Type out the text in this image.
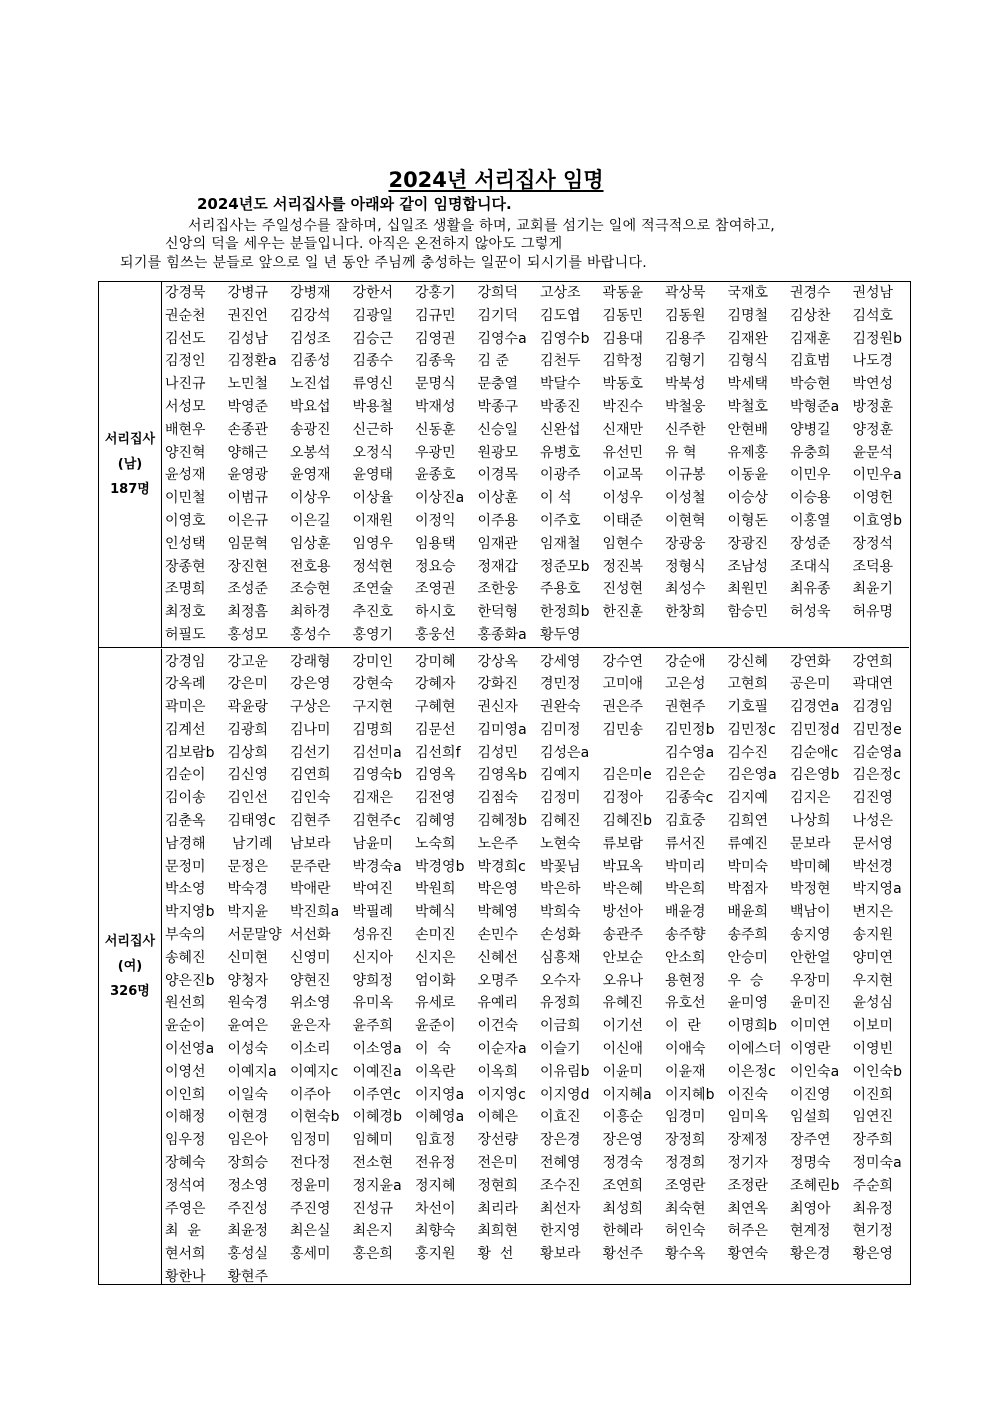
2024년 서리집사 임명
2024년도 서리집사를 아래와 같이 임명합니다.
서리집사는 주일성수를 잘하며, 십일조 생활을 하며, 교회를 섬기는 일에 적극적으로 참여하고,
신앙의 덕을 세우는 분들입니다. 아직은 온전하지 않아도 그렇게
되기를 힘쓰는 분들로 앞으로 일 년 동안 주님께 충성하는 일꾼이 되시기를 바랍니다.
서리집사
(남)
187명
강경묵	강병규	강병재	강한서	강홍기	강희덕	고상조	곽동윤	곽상묵	국재호	권경수	권성남
권순천	권진언	김강석	김광일	김규민	김기덕	김도엽	김동민	김동원	김명철	김상찬	김석호
김선도	김성남	김성조	김승근	김영권	김영수a 김영수b 김용대	김용주	김재완	김재훈	김정원b
김정인	김정환a 김종성	김종수	김종욱	김 준	김천두	김학정	김형기	김형식	김효범	나도경
나진규	노민철	노진섭	류영신	문명식	문충열	박달수	박동호	박북성	박세택	박승현	박연성
서성모	박영준	박요섭	박용철	박재성	박종구	박종진	박진수	박철웅	박철호	박형준a 방정훈
배현우	손종관	송광진	신근하	신동훈	신승일	신완섭	신재만	신주한	안현배	양병길	양정훈
양진혁	양해근	오봉석	오정식	우광민	원광모	유병호	유선민	유 혁	유제홍	유충희	윤문석
윤성재	윤영광	윤영재	윤영태	윤종호	이경목	이광주	이교목	이규봉	이동윤	이민우	이민우a
이민철	이범규	이상우	이상율	이상진a 이상훈	이 석	이성우	이성철	이승상	이승용	이영헌
이영호	이은규	이은길	이재원	이정익	이주용	이주호	이태준	이현혁	이형돈	이홍열	이효영b
인성택	임문혁	임상훈	임영우	임용택	임재관	임재철	임현수	장광웅	장광진	장성준	장정석
장종현	장진현	전호용	정석현	정요승	정재갑	정준모b 정진복	정형식	조남성	조대식	조덕용
조명희	조성준	조승현	조연술	조영권	조한웅	주용호	진성현	최성수	최원민	최유종	최윤기
최정호	최정흠	최하경	추진호	하시호	한덕형	한정희b 한진훈	한창희	함승민	허성욱	허유명
허필도	홍성모	홍성수	홍영기	홍웅선	홍종화a 황두영
서리집사
(여)
326명
강경임	강고운	강래형	강미인	강미혜	강상옥	강세영	강수연	강순애	강신혜	강연화	강연희
강옥례	강은미	강은영	강현숙	강혜자	강화진	경민정	고미애	고은성	고현희	공은미	곽대연
곽미은	곽윤랑	구상은	구지현	구혜현	권신자	권완숙	권은주	권현주	기호필	김경연a 김경임
김계선	김광희	김나미	김명희	김문선	김미영a 김미정	김민송	김민정b 김민정c	김민정d 김민정e
김보람b 김상희	김선기	김선미a 김선희f	김성민	김성은a	김수영a 김수진	김순애c	김순영a
김순이	김신영	김연희	김영숙b 김영옥	김영옥b 김예지	김은미e 김은순	김은영a 김은영b 김은정c
김이송	김인선	김인숙	김재은	김전영	김점숙	김정미	김정아	김종숙c	김지예	김지은	김진영
김춘옥	김태영c	김현주	김현주c	김혜영	김혜정b 김혜진	김혜진b 김효중	김희연	나상희	나성은
남경해	남기례	남보라	남윤미	노숙희	노은주	노현숙	류보람	류서진	류예진	문보라	문서영
문정미	문정은	문주란	박경숙a 박경영b 박경희c	박꽃님	박묘옥	박미리	박미숙	박미혜	박선경
박소영	박숙경	박애란	박여진	박원희	박은영	박은하	박은혜	박은희	박점자	박정현	박지영a
박지영b 박지윤	박진희a 박필례	박혜식	박혜영	박희숙	방선아	배윤경	배윤희	백남이	변지은
부숙의	서문말양 서선화	성유진	손미진	손민수	손성화	송관주	송주향	송주희	송지영	송지원
송혜진	신미현	신영미	신지아	신지은	신혜선	심흥채	안보순	안소희	안승미	안한얼	양미연
양은진b 양청자	양현진	양희정	엄이화	오명주	오수자	오유나	용현정	우  승	우장미	우지현
원선희	원숙경	위소영	유미옥	유세로	유예리	유정희	유혜진	유호선	윤미영	윤미진	윤성심
윤순이	윤여은	윤은자	윤주희	윤준이	이건숙	이금희	이기선	이  란	이명희b 이미연	이보미
이선영a 이성숙	이소리	이소영a 이  숙	이순자a 이슬기	이신애	이애숙	이에스더 이영란	이영빈
이영선	이예지a 이예지c	이예진a 이옥란	이옥희	이유림b 이윤미	이윤재	이은정c	이인숙a 이인숙b
이인희	이일숙	이주아	이주연c	이지영a 이지영c	이지영d 이지혜a 이지혜b 이진숙	이진영	이진희
이해정	이현경	이현숙b 이혜경b 이혜영a 이혜은	이효진	이흥순	임경미	임미옥	임설희	임연진
임우정	임은아	임정미	임혜미	임효정	장선량	장은경	장은영	장정희	장제정	장주연	장주희
장혜숙	장희승	전다정	전소현	전유정	전은미	전혜영	정경숙	정경희	정기자	정명숙	정미숙a
정석여	정소영	정윤미	정지윤a 정지혜	정현희	조수진	조연희	조영란	조정란	조혜린b 주순희
주영은	주진성	주진영	진성규	차선이	최리라	최선자	최성희	최숙현	최연옥	최영아	최유정
최  윤	최윤정	최은실	최은지	최향숙	최희현	한지영	한혜라	허인숙	허주은	현계정	현기정
현서희	홍성실	홍세미	홍은희	홍지원	황  선	황보라	황선주	황수옥	황연숙	황은경	황은영
황한나	황현주
